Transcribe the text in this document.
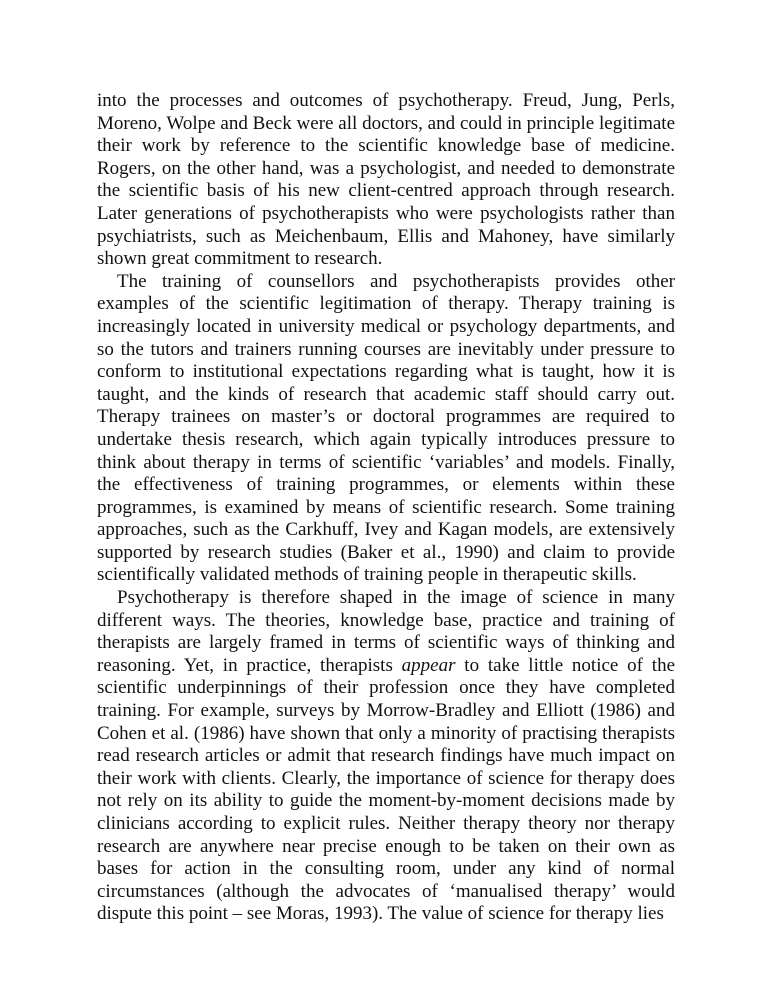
into the processes and outcomes of psychotherapy. Freud, Jung, Perls, Moreno, Wolpe and Beck were all doctors, and could in principle legitimate their work by reference to the scientific knowledge base of medicine. Rogers, on the other hand, was a psychologist, and needed to demonstrate the scientific basis of his new client-centred approach through research. Later generations of psychotherapists who were psychologists rather than psychiatrists, such as Meichenbaum, Ellis and Mahoney, have similarly shown great commitment to research.

The training of counsellors and psychotherapists provides other examples of the scientific legitimation of therapy. Therapy training is increasingly located in university medical or psychology departments, and so the tutors and trainers running courses are inevitably under pressure to conform to institutional expectations regarding what is taught, how it is taught, and the kinds of research that academic staff should carry out. Therapy trainees on master’s or doctoral programmes are required to undertake thesis research, which again typically introduces pressure to think about therapy in terms of scientific ‘variables’ and models. Finally, the effectiveness of training programmes, or elements within these programmes, is examined by means of scientific research. Some training approaches, such as the Carkhuff, Ivey and Kagan models, are extensively supported by research studies (Baker et al., 1990) and claim to provide scientifically validated methods of training people in therapeutic skills.

Psychotherapy is therefore shaped in the image of science in many different ways. The theories, knowledge base, practice and training of therapists are largely framed in terms of scientific ways of thinking and reasoning. Yet, in practice, therapists appear to take little notice of the scientific underpinnings of their profession once they have completed training. For example, surveys by Morrow-Bradley and Elliott (1986) and Cohen et al. (1986) have shown that only a minority of practising therapists read research articles or admit that research findings have much impact on their work with clients. Clearly, the importance of science for therapy does not rely on its ability to guide the moment-by-moment decisions made by clinicians according to explicit rules. Neither therapy theory nor therapy research are anywhere near precise enough to be taken on their own as bases for action in the consulting room, under any kind of normal circumstances (although the advocates of ‘manualised therapy’ would dispute this point – see Moras, 1993). The value of science for therapy lies
